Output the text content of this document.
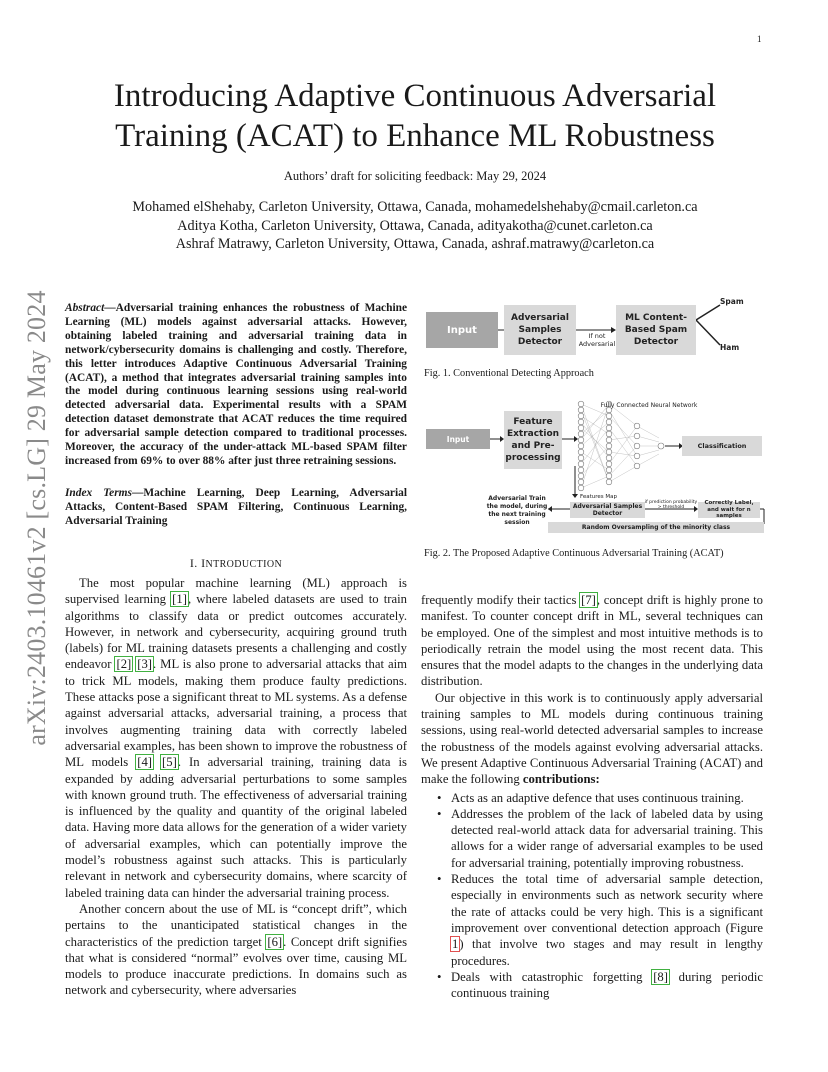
1
arXiv:2403.10461v2 [cs.LG] 29 May 2024
Introducing Adaptive Continuous Adversarial
Training (ACAT) to Enhance ML Robustness
Authors’ draft for soliciting feedback: May 29, 2024
Mohamed elShehaby, Carleton University, Ottawa, Canada, mohamedelshehaby@cmail.carleton.ca
Aditya Kotha, Carleton University, Ottawa, Canada, adityakotha@cunet.carleton.ca
Ashraf Matrawy, Carleton University, Ottawa, Canada, ashraf.matrawy@carleton.ca
Abstract—Adversarial training enhances the robustness of Machine Learning (ML) models against adversarial attacks. However, obtaining labeled training and adversarial training data in network/cybersecurity domains is challenging and costly. Therefore, this letter introduces Adaptive Continuous Adversarial Training (ACAT), a method that integrates adversarial training samples into the model during continuous learning sessions using real-world detected adversarial data. Experimental results with a SPAM detection dataset demonstrate that ACAT reduces the time required for adversarial sample detection compared to traditional processes. Moreover, the accuracy of the under-attack ML-based SPAM filter increased from 69% to over 88% after just three retraining sessions.
Index Terms—Machine Learning, Deep Learning, Adversarial Attacks, Content-Based SPAM Filtering, Continuous Learning, Adversarial Training
I. INTRODUCTION

The most popular machine learning (ML) approach is supervised learning [1], where labeled datasets are used to train algorithms to classify data or predict outcomes accurately. However, in network and cybersecurity, acquiring ground truth (labels) for ML training datasets presents a challenging and costly endeavor [2] [3]. ML is also prone to adversarial attacks that aim to trick ML models, making them produce faulty predictions. These attacks pose a significant threat to ML systems. As a defense against adversarial attacks, adversarial training, a process that involves augmenting training data with correctly labeled adversarial examples, has been shown to improve the robustness of ML models [4] [5]. In adversarial training, training data is expanded by adding adversarial perturbations to some samples with known ground truth. The effectiveness of adversarial training is influenced by the quality and quantity of the original labeled data. Having more data allows for the generation of a wider variety of adversarial examples, which can potentially improve the model’s robustness against such attacks. This is particularly relevant in network and cybersecurity domains, where scarcity of labeled training data can hinder the adversarial training process.

Another concern about the use of ML is “concept drift”, which pertains to the unanticipated statistical changes in the characteristics of the prediction target [6]. Concept drift signifies that what is considered “normal” evolves over time, causing ML models to produce inaccurate predictions. In domains such as network and cybersecurity, where adversaries

frequently modify their tactics [7], concept drift is highly prone to manifest. To counter concept drift in ML, several techniques can be employed. One of the simplest and most intuitive methods is to periodically retrain the model using the most recent data. This ensures that the model adapts to the changes in the underlying data distribution.

Our objective in this work is to continuously apply adversarial training samples to ML models during continuous training sessions, using real-world detected adversarial samples to increase the robustness of the models against evolving adversarial attacks. We present Adaptive Continuous Adversarial Training (ACAT) and make the following contributions:

• Acts as an adaptive defence that uses continuous training.
• Addresses the problem of the lack of labeled data by using detected real-world attack data for adversarial training. This allows for a wider range of adversarial examples to be used for adversarial training, potentially improving robustness.
• Reduces the total time of adversarial sample detection, especially in environments such as network security where the rate of attacks could be very high. This is a significant improvement over conventional detection approach (Figure 1) that involve two stages and may result in lengthy procedures.
• Deals with catastrophic forgetting [8] during periodic continuous training
Input
Adversarial Samples Detector
If not Adversarial
ML Content-Based Spam Detector
Spam
Ham
Fig. 1. Conventional Detecting Approach
Input
Feature Extraction and Pre-processing
Fully Connected Neural Network
Classification
Features Map
Adversarial Samples Detector
if prediction probability > threshold
Correctly Label, and wait for n samples
Adversarial Train the model, during the next training session
Random Oversampling of the minority class
Fig. 2. The Proposed Adaptive Continuous Adversarial Training (ACAT)
